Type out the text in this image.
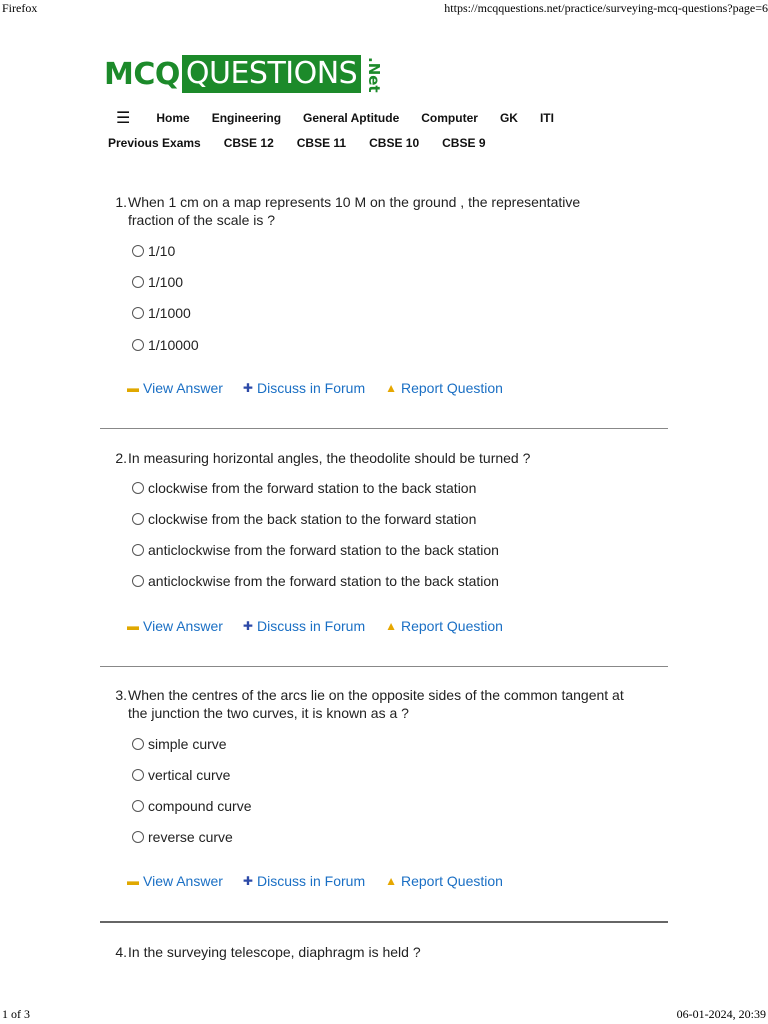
Firefox	https://mcqquestions.net/practice/surveying-mcq-questions?page=6
MCQ QUESTIONS .Net
☰ Home Engineering General Aptitude Computer GK ITI
Previous Exams CBSE 12 CBSE 11 CBSE 10 CBSE 9
1. When 1 cm on a map represents 10 M on the ground , the representative fraction of the scale is ?
1/10
1/100
1/1000
1/10000
▬ View Answer ✚ Discuss in Forum ▲ Report Question
2. In measuring horizontal angles, the theodolite should be turned ?
clockwise from the forward station to the back station
clockwise from the back station to the forward station
anticlockwise from the forward station to the back station
anticlockwise from the forward station to the back station
▬ View Answer ✚ Discuss in Forum ▲ Report Question
3. When the centres of the arcs lie on the opposite sides of the common tangent at the junction the two curves, it is known as a ?
simple curve
vertical curve
compound curve
reverse curve
▬ View Answer ✚ Discuss in Forum ▲ Report Question
4. In the surveying telescope, diaphragm is held ?
1 of 3	06-01-2024, 20:39
